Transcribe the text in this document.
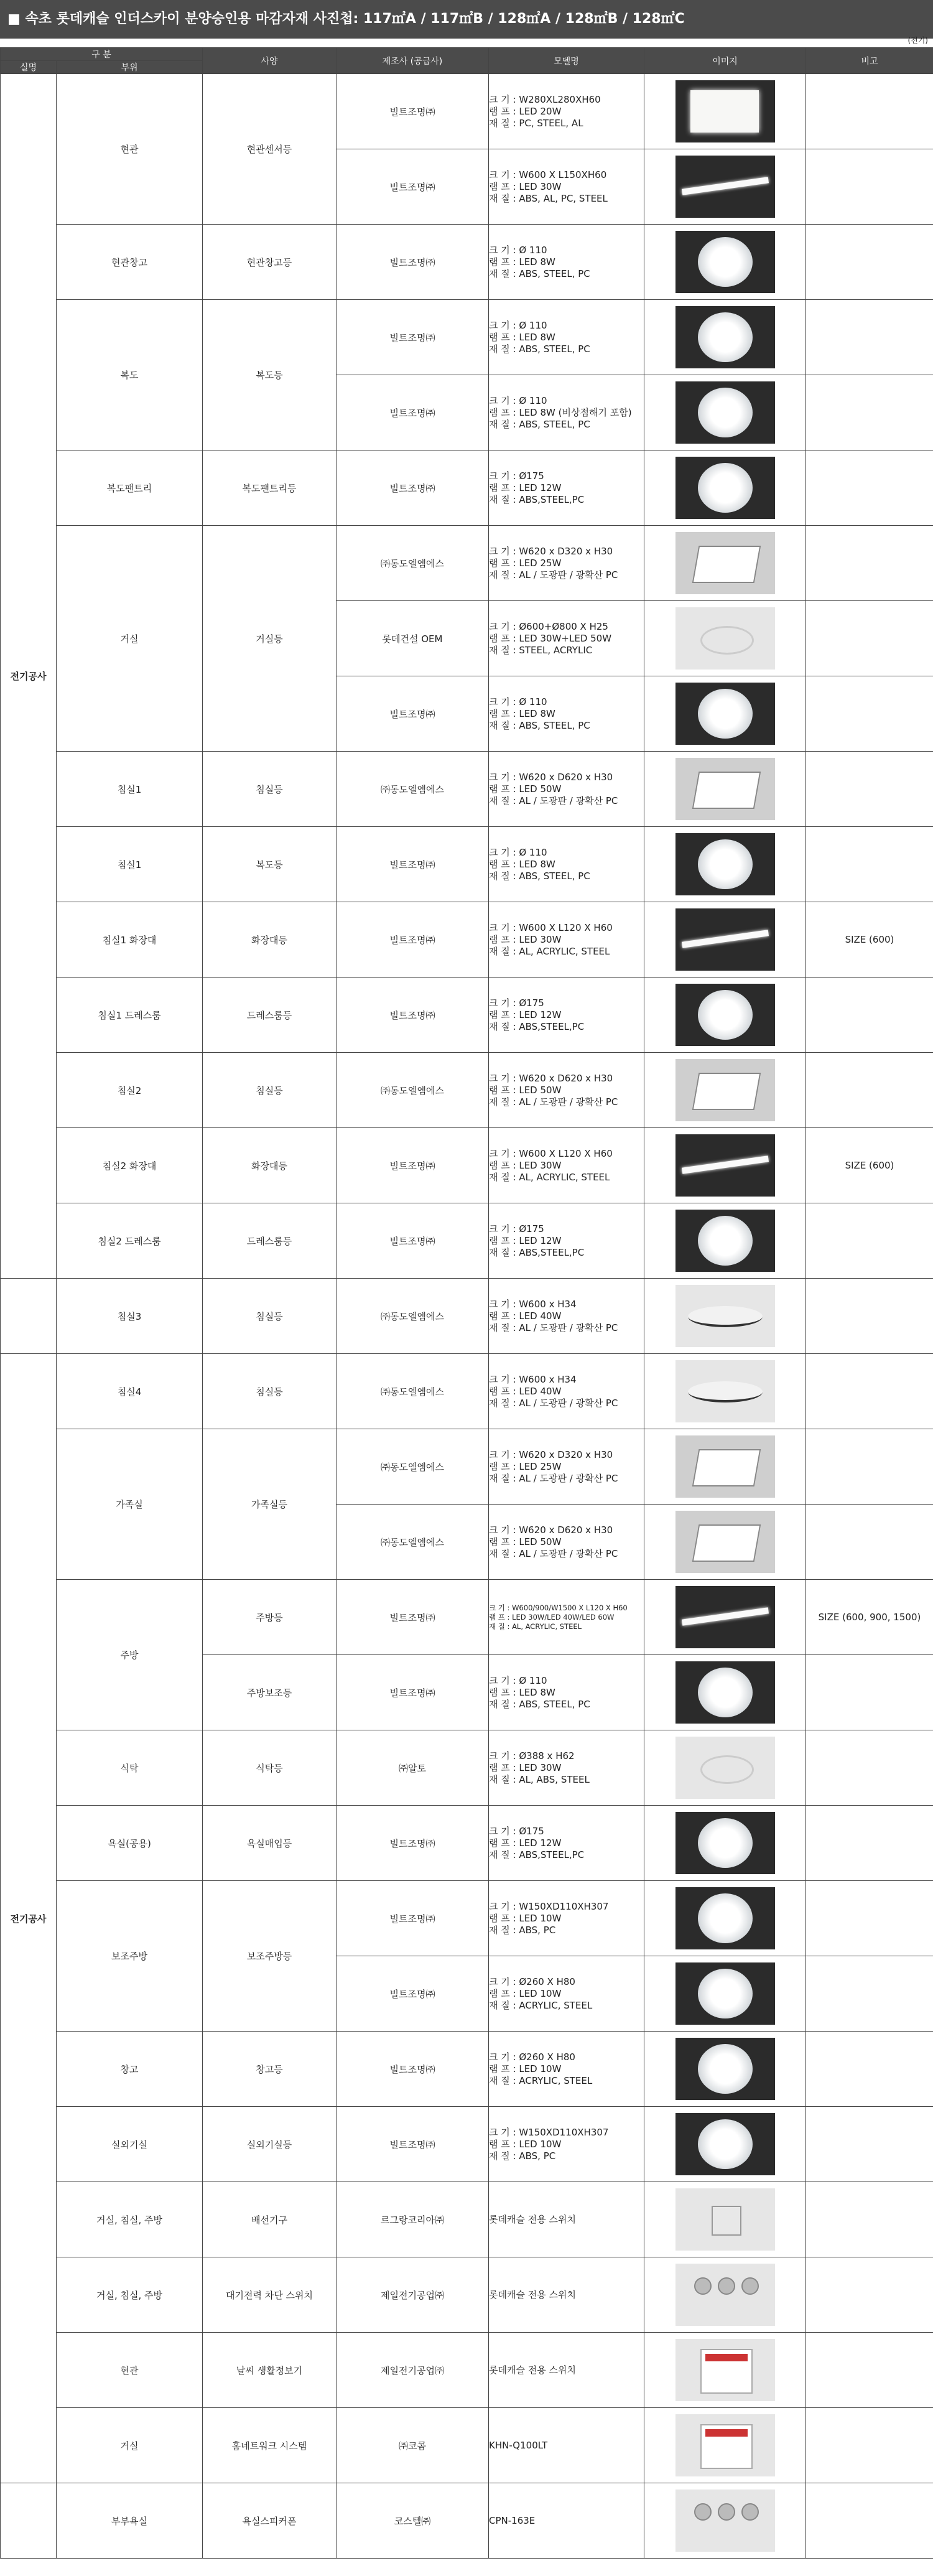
■ 속초 롯데캐슬 인더스카이 분양승인용 마감자재 사진첩: 117㎡A / 117㎡B / 128㎡A / 128㎡B / 128㎡C
(전기)
구 분		사양	제조사 (공급사)	모델명	이미지	비고
실명	부위					
전기공사	현관	현관센서등	빌트조명㈜	크 기 : W280XL280XH60
램 프 : LED 20W
재 질 : PC, STEEL, AL		

			빌트조명㈜	크 기 : W600 X L150XH60
램 프 : LED 30W
재 질 : ABS, AL, PC, STEEL		

	현관창고	현관창고등	빌트조명㈜	크 기 : Ø 110
램 프 : LED 8W
재 질 : ABS, STEEL, PC		

	복도	복도등	빌트조명㈜	크 기 : Ø 110
램 프 : LED 8W
재 질 : ABS, STEEL, PC		

			빌트조명㈜	크 기 : Ø 110
램 프 : LED 8W (비상점해기 포함)
재 질 : ABS, STEEL, PC		

	복도팬트리	복도팬트리등	빌트조명㈜	크 기 : Ø175
램 프 : LED 12W
재 질 : ABS,STEEL,PC		

	거실	거실등	㈜동도엘엠에스	크 기 : W620 x D320 x H30
램 프 : LED 25W
재 질 : AL / 도광판 / 광확산 PC		

			롯데건설 OEM	크 기 : Ø600+Ø800 X H25
램 프 : LED 30W+LED 50W
재 질 : STEEL, ACRYLIC		

			빌트조명㈜	크 기 : Ø 110
램 프 : LED 8W
재 질 : ABS, STEEL, PC		

	침실1	침실등	㈜동도엘엠에스	크 기 : W620 x D620 x H30
램 프 : LED 50W
재 질 : AL / 도광판 / 광확산 PC		

	침실1	복도등	빌트조명㈜	크 기 : Ø 110
램 프 : LED 8W
재 질 : ABS, STEEL, PC		

	침실1 화장대	화장대등	빌트조명㈜	크 기 : W600 X L120 X H60
램 프 : LED 30W
재 질 : AL, ACRYLIC, STEEL		SIZE (600)
	침실1 드레스룸	드레스룸등	빌트조명㈜	크 기 : Ø175
램 프 : LED 12W
재 질 : ABS,STEEL,PC		

	침실2	침실등	㈜동도엘엠에스	크 기 : W620 x D620 x H30
램 프 : LED 50W
재 질 : AL / 도광판 / 광확산 PC		

	침실2 화장대	화장대등	빌트조명㈜	크 기 : W600 X L120 X H60
램 프 : LED 30W
재 질 : AL, ACRYLIC, STEEL		SIZE (600)
	침실2 드레스룸	드레스룸등	빌트조명㈜	크 기 : Ø175
램 프 : LED 12W
재 질 : ABS,STEEL,PC		

	침실3	침실등	㈜동도엘엠에스	크 기 : W600 x H34
램 프 : LED 40W
재 질 : AL / 도광판 / 광확산 PC		

전기공사	침실4	침실등	㈜동도엘엠에스	크 기 : W600 x H34
램 프 : LED 40W
재 질 : AL / 도광판 / 광확산 PC		

	가족실	가족실등	㈜동도엘엠에스	크 기 : W620 x D320 x H30
램 프 : LED 25W
재 질 : AL / 도광판 / 광확산 PC		

			㈜동도엘엠에스	크 기 : W620 x D620 x H30
램 프 : LED 50W
재 질 : AL / 도광판 / 광확산 PC		

	주방	주방등	빌트조명㈜	크 기 : W600/900/W1500 X L120 X H60
램 프 : LED 30W/LED 40W/LED 60W
재 질 : AL, ACRYLIC, STEEL		SIZE (600, 900, 1500)
		주방보조등	빌트조명㈜	크 기 : Ø 110
램 프 : LED 8W
재 질 : ABS, STEEL, PC		

	식탁	식탁등	㈜알토	크 기 : Ø388 x H62
램 프 : LED 30W
재 질 : AL, ABS, STEEL		

	욕실(공용)	욕실매입등	빌트조명㈜	크 기 : Ø175
램 프 : LED 12W
재 질 : ABS,STEEL,PC		

	보조주방	보조주방등	빌트조명㈜	크 기 : W150XD110XH307
램 프 : LED 10W
재 질 : ABS, PC		

			빌트조명㈜	크 기 : Ø260 X H80
램 프 : LED 10W
재 질 : ACRYLIC, STEEL		

	창고	창고등	빌트조명㈜	크 기 : Ø260 X H80
램 프 : LED 10W
재 질 : ACRYLIC, STEEL		

	실외기실	실외기실등	빌트조명㈜	크 기 : W150XD110XH307
램 프 : LED 10W
재 질 : ABS, PC		

	거실, 침실, 주방	배선기구	르그랑코리아㈜	롯데캐슬 전용 스위치	

	거실, 침실, 주방	대기전력 차단 스위치	제일전기공업㈜	롯데캐슬 전용 스위치	

	현관	날씨 생활정보기	제일전기공업㈜	롯데캐슬 전용 스위치	

	거실	홈네트워크 시스템	㈜코콤	KHN-Q100LT	

	부부욕실	욕실스피커폰	코스텔㈜	CPN-163E	
